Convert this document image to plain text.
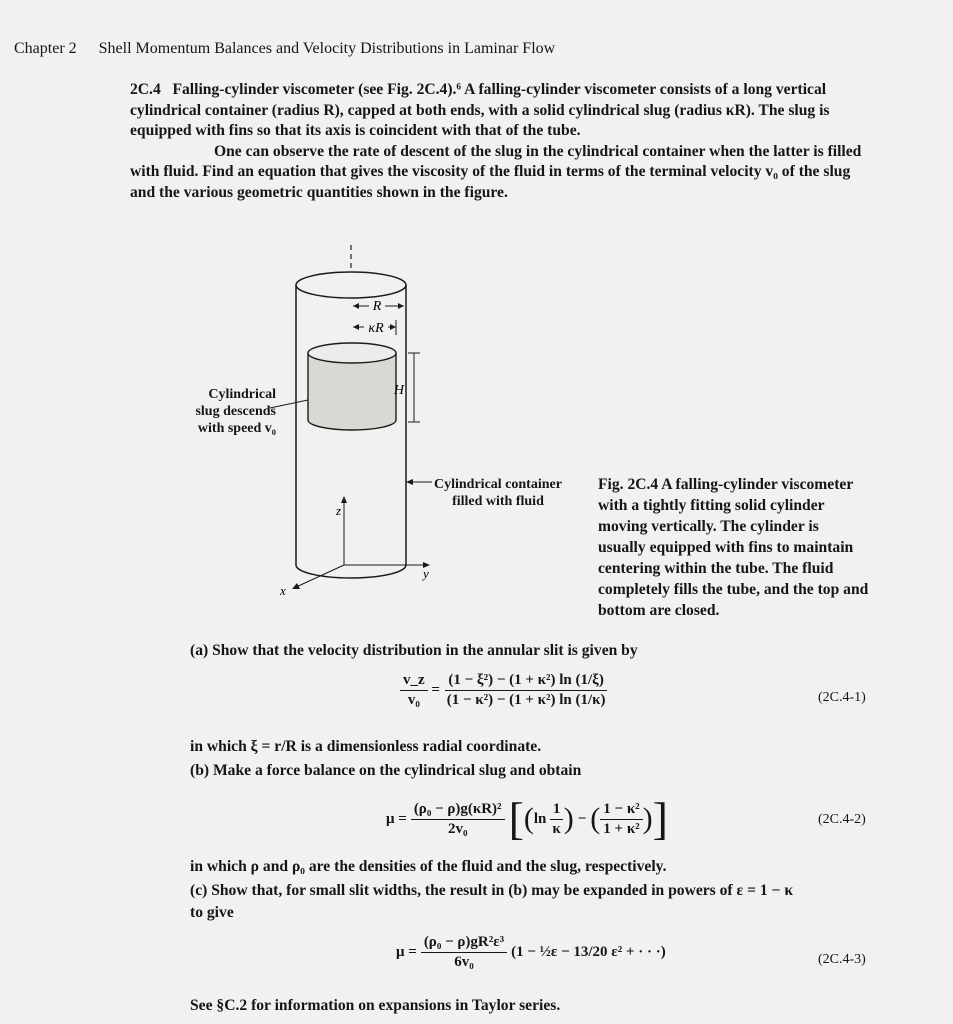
Chapter 2 Shell Momentum Balances and Velocity Distributions in Laminar Flow

2C.4 Falling-cylinder viscometer (see Fig. 2C.4).⁶ A falling-cylinder viscometer consists of a long vertical cylindrical container (radius R), capped at both ends, with a solid cylindrical slug (radius κR). The slug is equipped with fins so that its axis is coincident with that of the tube.

One can observe the rate of descent of the slug in the cylindrical container when the latter is filled with fluid. Find an equation that gives the viscosity of the fluid in terms of the terminal velocity v₀ of the slug and the various geometric quantities shown in the figure.

R
κR
H
z
y
x
Cylindrical
slug descends
with speed v₀
Cylindrical container
filled with fluid
Fig. 2C.4 A falling-cylinder viscometer with a tightly fitting solid cylinder moving vertically. The cylinder is usually equipped with fins to maintain centering within the tube. The fluid completely fills the tube, and the top and bottom are closed.
(a) Show that the velocity distribution in the annular slit is given by
$\frac{v\_z}{\text{v₀}} = \frac{\text{(1 − ξ²) − (1 + κ²) ln (1/ξ)}}{\text{(1 − κ²) − (1 + κ²) ln (1/κ)}}$	(2C.4-1)
in which ξ = r/R is a dimensionless radial coordinate.
(b) Make a force balance on the cylindrical slug and obtain
$\mu = \frac{\text{(ρ₀ − ρ)g(κR)²}}{\text{2v₀}}$ [ ( $\ln \frac{1}{\kappa}$ ) − ( $\frac{\text{1 − κ²}}{\text{1 + κ²}}$ ) ]	(2C.4-2)
in which ρ and ρ₀ are the densities of the fluid and the slug, respectively.
(c) Show that, for small slit widths, the result in (b) may be expanded in powers of ε = 1 − κ
to give
$\mu = \frac{\text{(ρ₀ − ρ)gR²ε³}}{\text{6v₀}} (1$ − ½ε − 13/20 ε² + · · ·)	(2C.4-3)
See §C.2 for information on expansions in Taylor series.
